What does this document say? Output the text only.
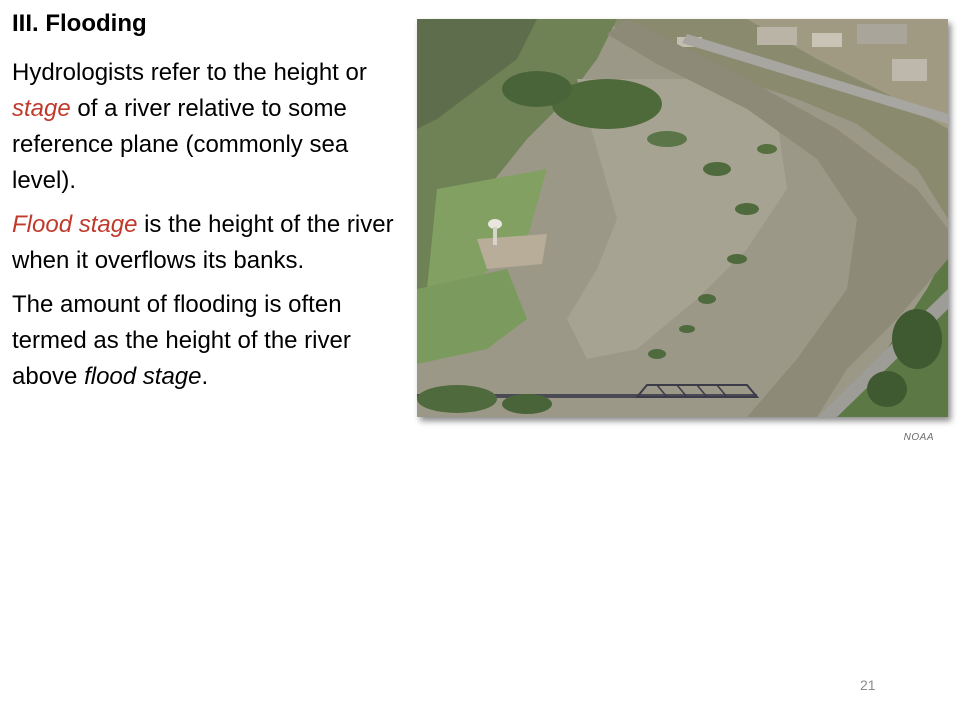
III. Flooding

Hydrologists refer to the height or stage of a river relative to some reference plane (commonly sea level).

Flood stage is the height of the river when it overflows its banks.

The amount of flooding is often termed as the height of the river above flood stage.

NOAA
21
